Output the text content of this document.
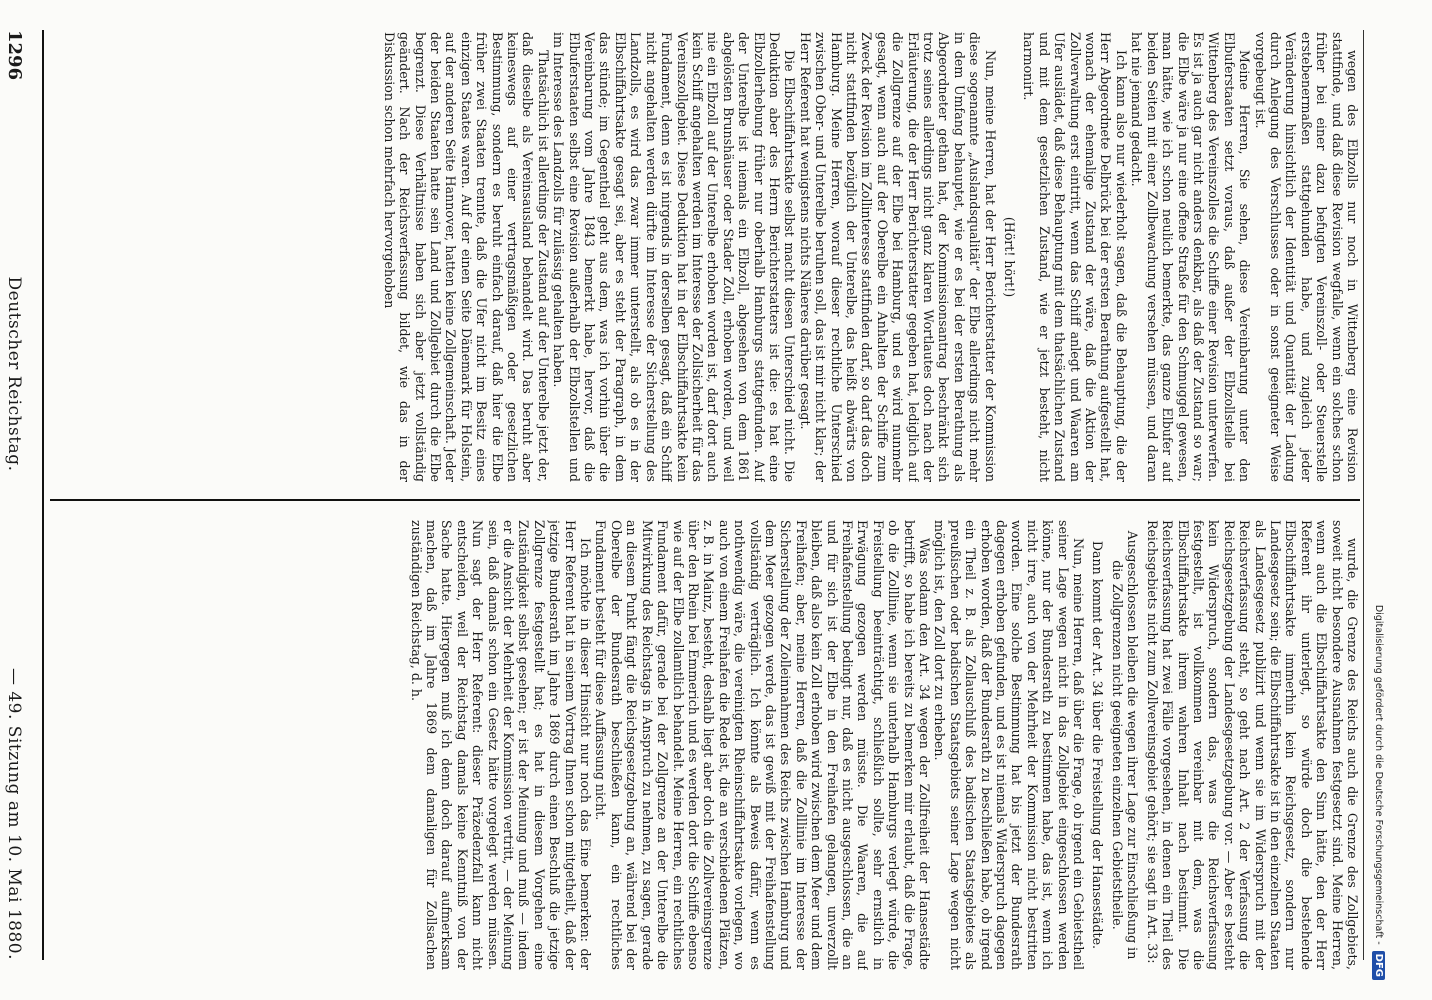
Digitalisierung gefördert durch die Deutsche Forschungsgemeinschaft -
DFG

wegen des Elbzolls nur noch in Wittenberg eine Revision stattfinde, und daß diese Revision wegfalle, wenn ein solches schon früher bei einer dazu befugten Vereinszoll- oder Steuerstelle erstebenermaßen stattgehunden habe, und zugleich jeder Veränderung hinsichtlich der Identität und Quantität der Ladung durch Anlegung des Verschlusses oder in sonst geeigneter Weise vorgebeugt ist.

Meine Herren, Sie sehen, diese Vereinbarung unter den Elbuferstaaten setzt voraus, daß außer der Elbzollstelle bei Wittenberg des Vereinszolles die Schiffe einer Revision unterwerfen. Es ist ja auch gar nicht anders denkbar, als daß der Zustand so war; die Elbe wäre ja nur eine offene Straße für den Schmuggel gewesen, man hätte, wie ich schon neulich bemerkte, das ganze Elbufer auf beiden Seiten mit einer Zollbewachung versehen müssen, und daran hat nie jemand gedacht.

Ich kann also nur wiederholt sagen, daß die Behauptung, die der Herr Abgeordnete Delbrück bei der ersten Berathung aufgestellt hat, wonach der ehemalige Zustand der wäre, daß die Aktion der Zollverwaltung erst eintritt, wenn das Schiff anlegt und Waaren am Ufer auslädet, daß diese Behauptung mit dem thatsächlichen Zustand und mit dem gesetzlichen Zustand, wie er jetzt besteht, nicht harmonirt.

(Hört! hört!)

Nun, meine Herren, hat der Herr Berichterstatter der Kommission diese sogenannte „Auslandsqualität“ der Elbe allerdings nicht mehr in dem Umfang behauptet, wie er es bei der ersten Berathung als Abgeordneter gethan hat, der Kommissionsantrag beschränkt sich trotz seines allerdings nicht ganz klaren Wortlautes doch nach der Erläuterung, die der Herr Berichterstatter gegeben hat, lediglich auf die Zollgrenze auf der Elbe bei Hamburg, und es wird nunmehr gesagt, wenn auch auf der Oberelbe ein Anhalten der Schiffe zum Zweck der Revision im Zollinteresse stattfinden darf, so darf das doch nicht stattfinden bezüglich der Unterelbe, das heißt abwärts von Hamburg. Meine Herren, worauf dieser rechtliche Unterschied zwischen Ober- und Unterelbe beruhen soll, das ist mir nicht klar; der Herr Referent hat wenigstens nichts Näheres darüber gesagt.

Die Elbschiffahrtsakte selbst macht diesen Unterschied nicht. Die Deduktion aber des Herrn Berichterstatters ist die: es hat eine Elbzollerhebung früher nur oberhalb Hamburgs stattgefunden. Auf der Unterelbe ist niemals ein Elbzoll, abgesehen von dem 1861 abgelösten Brunshäuser oder Stader Zoll, erhoben worden, und weil nie ein Elbzoll auf der Unterelbe erhoben worden ist, darf dort auch kein Schiff angehalten werden im Interesse der Zollsicherheit für das Vereinszollgebiet. Diese Deduktion hat in der Elbschiffahrtsakte kein Fundament, denn es ist nirgends in derselben gesagt, daß ein Schiff nicht angehalten werden dürfte im Interesse der Sicherstellung des Landzolls, es wird das zwar immer unterstellt, als ob es in der Elbschiffahrtsakte gesagt sei, aber es steht der Paragraph, in dem das stünde; im Gegentheil geht aus dem, was ich vorhin über die Vereinbarung vom Jahre 1843 bemerkt habe, hervor, daß die Elbuferstaaten selbst eine Revision außerhalb der Elbzollstellen und im Interesse des Landzolls für zulässig gehalten haben.

Thatsächlich ist allerdings der Zustand auf der Unterelbe jetzt der, daß dieselbe als Vereinsausland behandelt wird. Das beruht aber keineswegs auf einer vertragsmäßigen oder gesetzlichen Bestimmung, sondern es beruht einfach darauf, daß hier die Elbe früher zwei Staaten trennte, daß die Ufer nicht im Besitz eines einzigen Staates waren. Auf der einen Seite Dänemark für Holstein, auf der anderen Seite Hannover, hatten keine Zollgemeinschaft. Jeder der beiden Staaten hatte sein Land und Zollgebiet durch die Elbe begrenzt. Diese Verhältnisse haben sich aber jetzt vollständig geändert. Nach der Reichsverfassung bildet, wie das in der Diskussion schon mehrfach hervorgehoben

wurde, die Grenze des Reichs auch die Grenze des Zollgebiets, soweit nicht besondere Ausnahmen festgesetzt sind. Meine Herren, wenn auch die Elbschiffahrtsakte den Sinn hätte, den der Herr Referent ihr unterlegt, so würde doch die bestehende Elbschiffahrtsakte immerhin kein Reichsgesetz, sondern nur Landesgesetz sein; die Elbschiffahrtsakte ist in den einzelnen Staaten als Landesgesetz publizirt und wenn sie im Widerspruch mit der Reichsverfassung steht, so geht nach Art. 2 der Verfassung die Reichsgesetzgebung der Landesgesetzgebung vor. — Aber es besteht kein Widerspruch, sondern das, was die Reichsverfassung festgestellt, ist vollkommen vereinbar mit dem, was die Elbschiffahrtsakte ihrem wahren Inhalt nach bestimmt. Die Reichsverfassung hat zwei Fälle vorgesehen, in denen ein Theil des Reichsgebiets nicht zum Zollvereinsgebiet gehört; sie sagt in Art. 33:

Ausgeschlossen bleiben die wegen ihrer Lage zur Einschließung in die Zollgrenzen nicht geeigneten einzelnen Gebietstheile.

Dann kommt der Art. 34 über die Freistellung der Hansestädte.

Nun, meine Herren, daß über die Frage, ob irgend ein Gebietstheil seiner Lage wegen nicht in das Zollgebiet eingeschlossen werden könne, nur der Bundesrath zu bestimmen habe, das ist, wenn ich nicht irre, auch von der Mehrheit der Kommission nicht bestritten worden. Eine solche Bestimmung hat bis jetzt der Bundesrath dagegen erhoben gefunden, und es ist niemals Widerspruch dagegen erhoben worden, daß der Bundesrath zu beschließen habe, ob irgend ein Theil z. B. als Zollauschluß des badischen Staatsgebietes als preußischen oder badischen Staatsgebiets seiner Lage wegen nicht möglich ist, den Zoll dort zu erheben.

Was sodann den Art. 34 wegen der Zollfreiheit der Hansestädte betrifft, so habe ich bereits zu bemerken mir erlaubt, daß die Frage, ob die Zolllinie, wenn sie unterhalb Hamburgs verlegt würde, die Freistellung beeinträchtigt, schließlich sollte, sehr ernstlich in Erwägung gezogen werden müsste. Die Waaren, die auf Freihafenstellung bedingt nur, daß es nicht ausgeschlossen, die an und für sich ist der Elbe in den Freihafen gelangen, unverzollt bleiben, daß also kein Zoll erhoben wird zwischen dem Meer und dem Freihafen; aber, meine Herren, daß die Zolllinie im Interesse der Sicherstellung der Zolleinnahmen des Reichs zwischen Hamburg und dem Meer gezogen werde, das ist gewiß mit der Freihafenstellung vollständig verträglich. Ich könnte als Beweis dafür, wenn es nothwendig wäre, die vereinigten Rheinschiffahrtsakte vorlegen, wo auch von einem Freihafen die Rede ist, die an verschiedenen Plätzen, z. B. in Mainz, besteht, deshalb liegt aber doch die Zollvereinsgrenze über den Rhein bei Emmerich und es werden dort die Schiffe ebenso wie auf der Elbe zollamtlich behandelt. Meine Herren, ein rechtliches Fundament dafür, gerade bei der Zollgrenze an der Unterelbe die Mitwirkung des Reichstags in Anspruch zu nehmen, zu sagen, gerade an diesem Punkt fängt die Reichsgesetzgebung an, während bei der Oberelbe der Bundesrath beschließen kann, ein rechtliches Fundament besteht für diese Auffassung nicht.

Ich möchte in dieser Hinsicht nur noch das Eine bemerken: der Herr Referent hat in seinem Vortrag Ihnen schon mitgetheilt, daß der jetzige Bundesrath im Jahre 1869 durch einen Beschluß die jetzige Zollgrenze festgestellt hat; es hat in diesem Vorgehen eine Zuständigkeit selbst gesehen; er ist der Meinung und muß — indem er die Ansicht der Mehrheit der Kommission vertritt, — der Meinung sein, daß damals schon ein Gesetz hätte vorgelegt werden müssen. Nun sagt der Herr Referent: dieser Präzedenzfall kann nicht entscheiden, weil der Reichstag damals keine Kenntniß von der Sache hatte. Hiergegen muß ich denn doch darauf aufmerksam machen, daß im Jahre 1869 dem damaligen für Zollsachen zuständigen Reichstag, d. h.

1296
Deutscher Reichstag.
— 49. Sitzung am 10. Mai 1880.
